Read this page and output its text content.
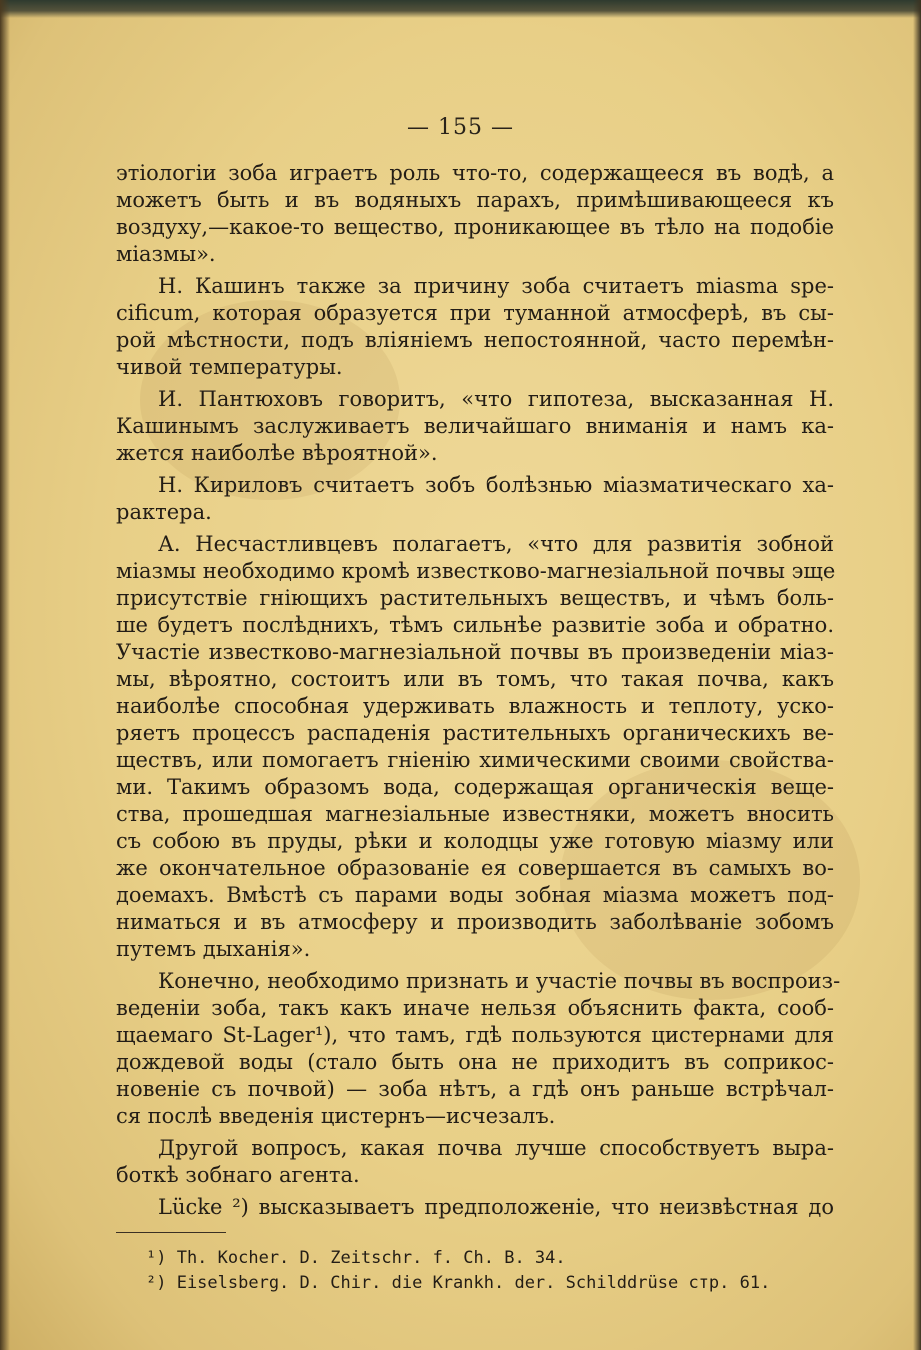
— 155 —
этіологіи зоба играетъ роль что-то, содержащееся въ водѣ, а
можетъ быть и въ водяныхъ парахъ, примѣшивающееся къ
воздуху,—какое-то вещество, проникающее въ тѣло на подобіе
міазмы».
Н. Кашинъ также за причину зоба считаетъ miasma spe-
cificum, которая образуется при туманной атмосферѣ, въ сы-
рой мѣстности, подъ вліяніемъ непостоянной, часто перемѣн-
чивой температуры.
И. Пантюховъ говоритъ, «что гипотеза, высказанная Н.
Кашинымъ заслуживаетъ величайшаго вниманія и намъ ка-
жется наиболѣе вѣроятной».
Н. Кириловъ считаетъ зобъ болѣзнью міазматическаго ха-
рактера.
А. Несчастливцевъ полагаетъ, «что для развитія зобной
міазмы необходимо кромѣ известково-магнезіальной почвы эще
присутствіе гніющихъ растительныхъ веществъ, и чѣмъ боль-
ше будетъ послѣднихъ, тѣмъ сильнѣе развитіе зоба и обратно.
Участіе известково-магнезіальной почвы въ произведеніи міаз-
мы, вѣроятно, состоитъ или въ томъ, что такая почва, какъ
наиболѣе способная удерживать влажность и теплоту, уско-
ряетъ процессъ распаденія растительныхъ органическихъ ве-
ществъ, или помогаетъ гніенію химическими своими свойства-
ми. Такимъ образомъ вода, содержащая органическія веще-
ства, прошедшая магнезіальные известняки, можетъ вносить
съ собою въ пруды, рѣки и колодцы уже готовую міазму или
же окончательное образованіе ея совершается въ самыхъ во-
доемахъ. Вмѣстѣ съ парами воды зобная міазма можетъ под-
ниматься и въ атмосферу и производить заболѣваніе зобомъ
путемъ дыханія».
Конечно, необходимо признать и участіе почвы въ воспроиз-
веденіи зоба, такъ какъ иначе нельзя объяснить факта, сооб-
щаемаго St-Lager¹), что тамъ, гдѣ пользуются цистернами для
дождевой воды (стало быть она не приходитъ въ соприкос-
новеніе съ почвой) — зоба нѣтъ, а гдѣ онъ раньше встрѣчал-
ся послѣ введенія цистернъ—исчезалъ.
Другой вопросъ, какая почва лучше способствуетъ выра-
боткѣ зобнаго агента.
Lücke ²) высказываетъ предположеніе, что неизвѣстная до
¹) Th. Kocher. D. Zeitschr. f. Ch. B. 34.
²) Eiselsberg. D. Chir. die Krankh. der. Schilddrüse стр. 61.
